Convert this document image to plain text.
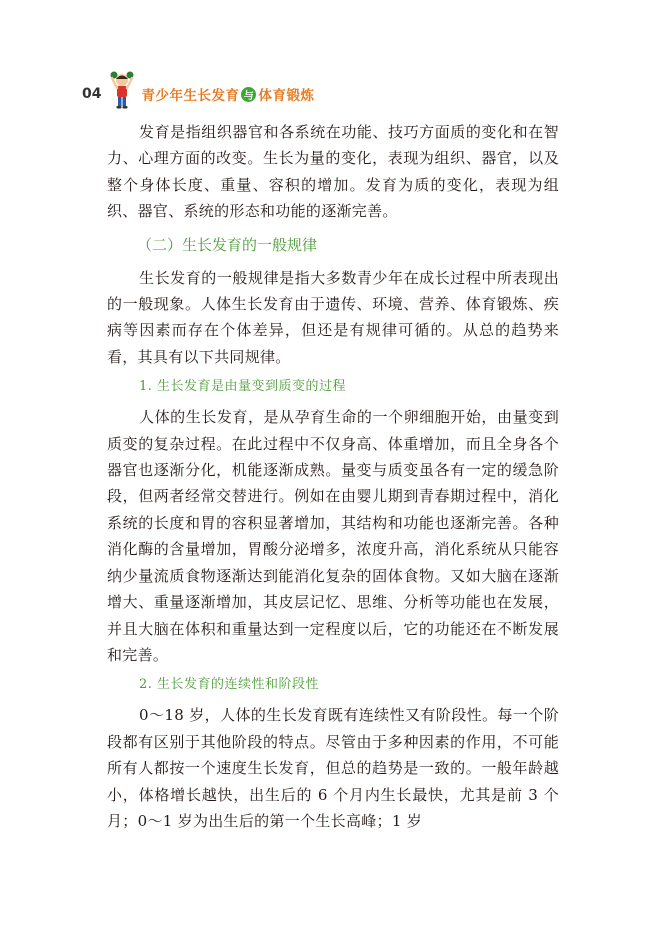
04	青少年生长发育 与 体育锻炼

发育是指组织器官和各系统在功能、技巧方面质的变化和在智力、心理方面的改变。生长为量的变化，表现为组织、器官，以及整个身体长度、重量、容积的增加。发育为质的变化，表现为组织、器官、系统的形态和功能的逐渐完善。

（二）生长发育的一般规律

生长发育的一般规律是指大多数青少年在成长过程中所表现出的一般现象。人体生长发育由于遗传、环境、营养、体育锻炼、疾病等因素而存在个体差异，但还是有规律可循的。从总的趋势来看，其具有以下共同规律。

1. 生长发育是由量变到质变的过程

人体的生长发育，是从孕育生命的一个卵细胞开始，由量变到质变的复杂过程。在此过程中不仅身高、体重增加，而且全身各个器官也逐渐分化，机能逐渐成熟。量变与质变虽各有一定的缓急阶段，但两者经常交替进行。例如在由婴儿期到青春期过程中，消化系统的长度和胃的容积显著增加，其结构和功能也逐渐完善。各种消化酶的含量增加，胃酸分泌增多，浓度升高，消化系统从只能容纳少量流质食物逐渐达到能消化复杂的固体食物。又如大脑在逐渐增大、重量逐渐增加，其皮层记忆、思维、分析等功能也在发展，并且大脑在体积和重量达到一定程度以后，它的功能还在不断发展和完善。

2. 生长发育的连续性和阶段性

0～18 岁，人体的生长发育既有连续性又有阶段性。每一个阶段都有区别于其他阶段的特点。尽管由于多种因素的作用，不可能所有人都按一个速度生长发育，但总的趋势是一致的。一般年龄越小，体格增长越快，出生后的 6 个月内生长最快，尤其是前 3 个月；0～1 岁为出生后的第一个生长高峰；1 岁
